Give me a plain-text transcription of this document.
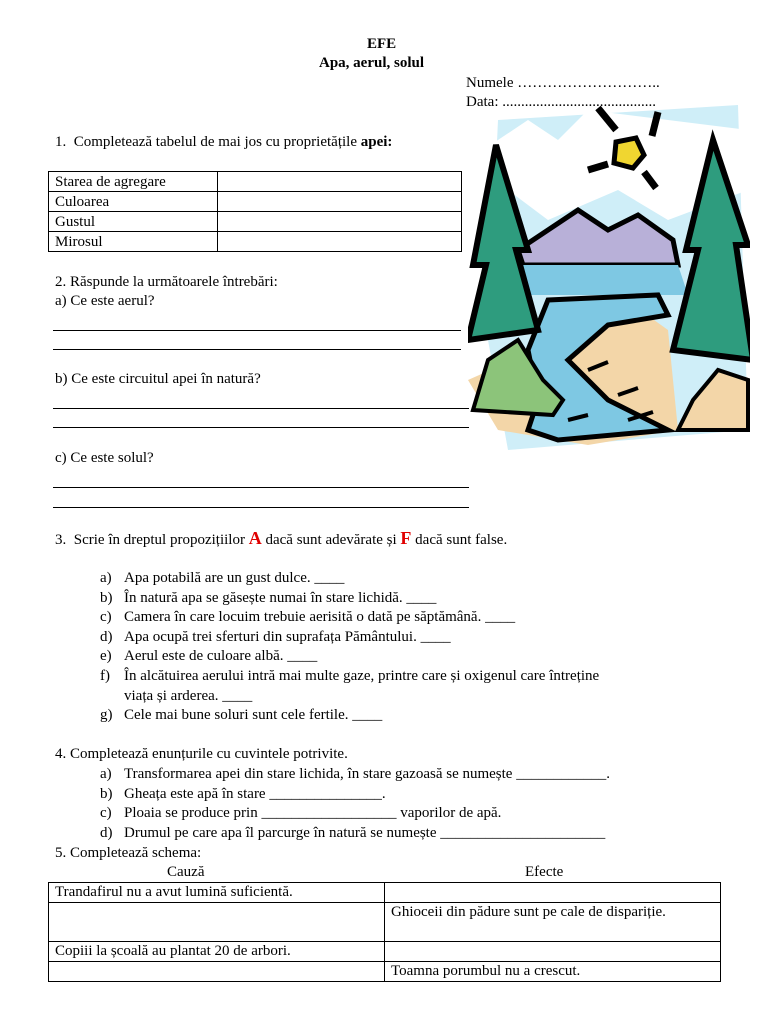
EFE
Apa, aerul, solul
Numele ………………………..
Data: .........................................
1. Completează tabelul de mai jos cu proprietățile apei:
Starea de agregare	
Culoarea	
Gustul	
Mirosul	
2. Răspunde la următoarele întrebări:
a) Ce este aerul?
b) Ce este circuitul apei în natură?
c) Ce este solul?
3. Scrie în dreptul propozițiilor A dacă sunt adevărate și F dacă sunt false.
a) Apa potabilă are un gust dulce. ____
b) În natură apa se găsește numai în stare lichidă. ____
c) Camera în care locuim trebuie aerisită o dată pe săptămână. ____
d) Apa ocupă trei sferturi din suprafața Pământului. ____
e) Aerul este de culoare albă. ____
f) În alcătuirea aerului intră mai multe gaze, printre care și oxigenul care întreține
viața și arderea. ____
g) Cele mai bune soluri sunt cele fertile. ____
4. Completează enunțurile cu cuvintele potrivite.
a) Transformarea apei din stare lichida, în stare gazoasă se numește ____________.
b) Gheața este apă în stare _______________.
c) Ploaia se produce prin __________________ vaporilor de apă.
d) Drumul pe care apa îl parcurge în natură se numește ______________________
5. Completează schema:
Cauză	Efecte
Trandafirul nu a avut lumină suficientă.	
	Ghioceii din pădure sunt pe cale de dispariție.
Copiii la școală au plantat 20 de arbori.	
	Toamna porumbul nu a crescut.
